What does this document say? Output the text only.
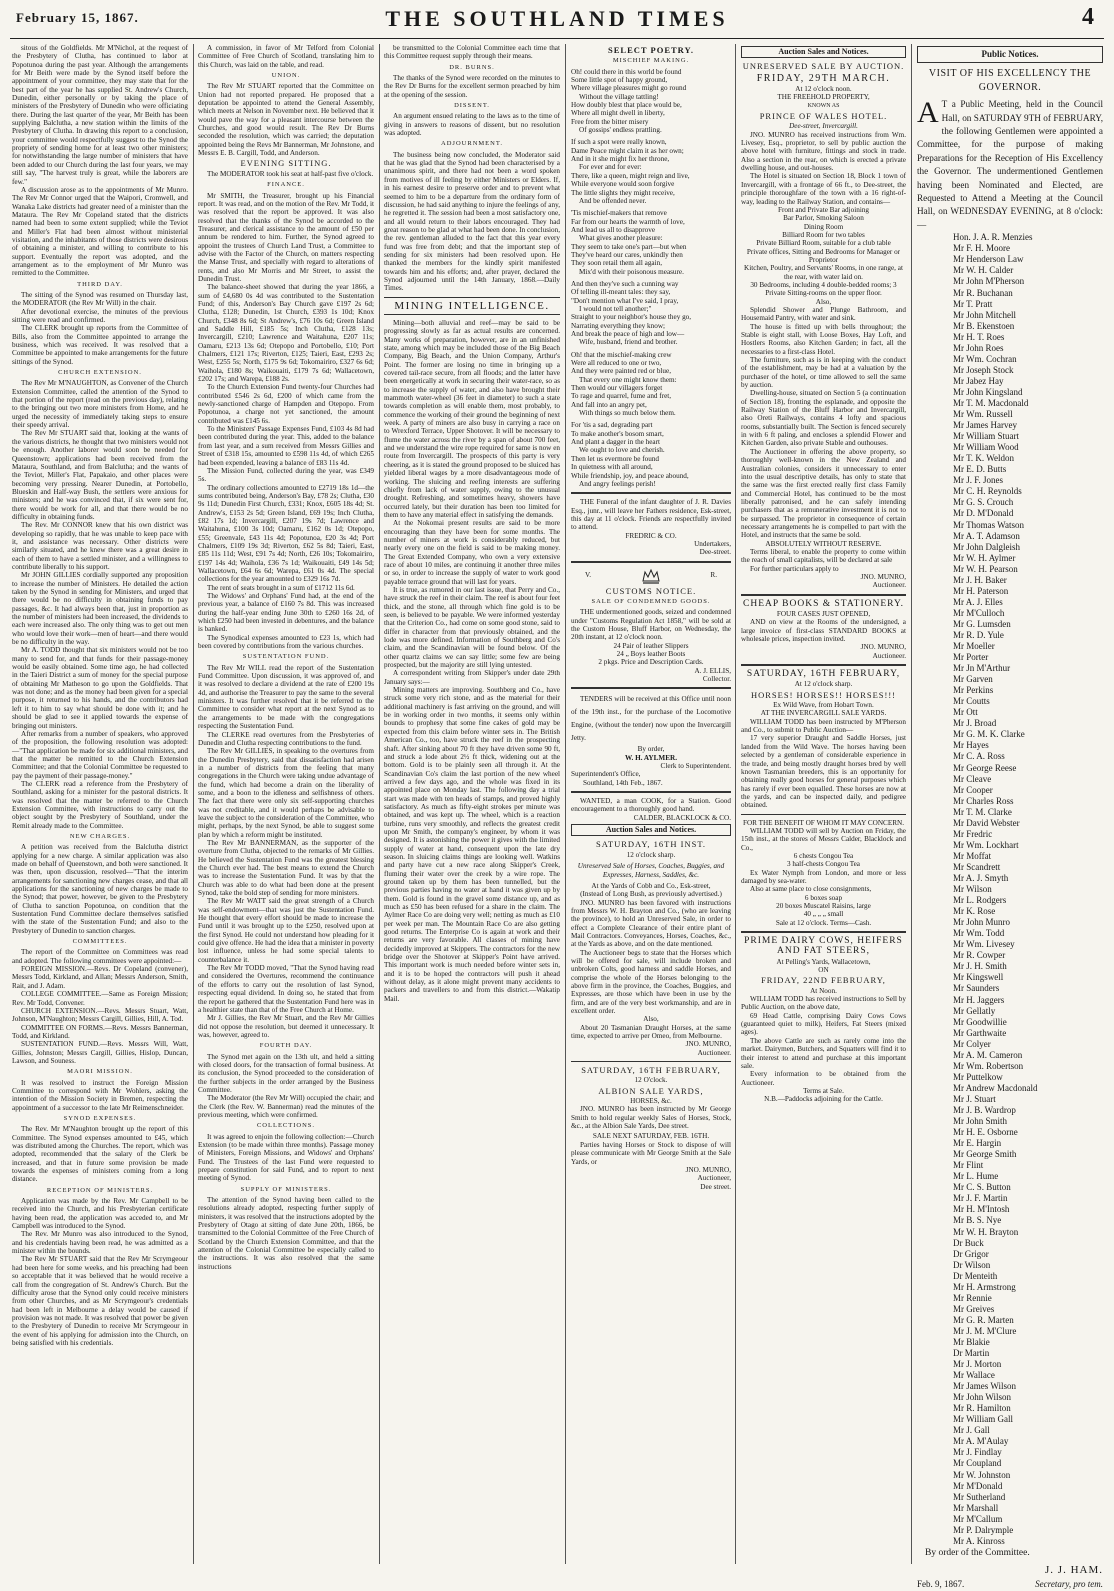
February 15, 1867.	THE SOUTHLAND TIMES	4

sitous of the Goldfields. Mr M'Nichol, at the request of the Presbytery of Clutha, has continued to labor at Popotunoa during the past year. Although the arrangements for Mr Beith were made by the Synod itself before the appointment of your committee, they may state that for the best part of the year he has supplied St. Andrew's Church, Dunedin, either personally or by taking the place of ministers of the Presbytery of Dunedin who were officiating there. During the last quarter of the year, Mr Beith has been supplying Balclutha, a new station within the limits of the Presbytery of Clutha. In drawing this report to a conclusion, your committee would respectfully suggest to the Synod the propriety of sending home for at least two other ministers; for notwithstanding the large number of ministers that have been added to our Church during the last four years, we may still say, "The harvest truly is great, while the laborers are few."

A discussion arose as to the appointments of Mr Munro. The Rev Mr Connor urged that the Waipori, Cromwell, and Wanaka Lake districts had greater need of a minister than the Mataura. The Rev Mr Copeland stated that the districts named had been to some extent supplied; while the Teviot and Miller's Flat had been almost without ministerial visitation, and the inhabitants of those districts were desirous of obtaining a minister, and willing to contribute to his support. Eventually the report was adopted, and the arrangement as to the employment of Mr Munro was remitted to the Committee.

THIRD DAY.

The sitting of the Synod was resumed on Thursday last, the MODERATOR (the Rev Mr Will) in the chair.

After devotional exercise, the minutes of the previous sitting were read and confirmed.

The CLERK brought up reports from the Committee of Bills, also from the Committee appointed to arrange the business, which was received. It was resolved that a Committee be appointed to make arrangements for the future sittings of the Synod.

CHURCH EXTENSION.

The Rev Mr M'NAUGHTON, as Convener of the Church Extension Committee, called the attention of the Synod to that portion of the report (read on the previous day), relating to the bringing out two more ministers from Home, and he urged the necessity of immediately taking steps to ensure their speedy arrival.

The Rev Mr STUART said that, looking at the wants of the various districts, he thought that two ministers would not be enough. Another laborer would soon be needed for Queenstown; applications had been received from the Mataura, Southland, and from Balclutha; and the wants of the Teviot, Miller's Flat, Papakaio, and other places were becoming very pressing. Nearer Dunedin, at Portobello, Blueskin and Half-way Bush, the settlers were anxious for ministers; and he was convinced that, if six were sent for, there would be work for all, and that there would be no difficulty in obtaining funds.

The Rev. Mr CONNOR knew that his own district was developing so rapidly, that he was unable to keep pace with it, and assistance was necessary. Other districts were similarly situated, and he knew there was a great desire in each of them to have a settled minister, and a willingness to contribute liberally to his support.

Mr JOHN GILLIES cordially supported any proposition to increase the number of Ministers. He detailed the action taken by the Synod in sending for Ministers, and urged that there would be no difficulty in obtaining funds to pay passages, &c. It had always been that, just in proportion as the number of ministers had been increased, the dividends to each were increased also. The only thing was to get out men who would love their work—men of heart—and there would be no difficulty in the way.

Mr A. TODD thought that six ministers would not be too many to send for, and that funds for their passage-money would be easily obtained. Some time ago, he had collected in the Taieri District a sum of money for the special purpose of obtaining Mr Matheson to go upon the Goldfields. That was not done; and as the money had been given for a special purpose, it returned to his hands, and the contributors had left it to him to say what should be done with it; and he should be glad to see it applied towards the expense of bringing out ministers.

After remarks from a number of speakers, who approved of the proposition, the following resolution was adopted:—"That application be made for six additional ministers, and that the matter be remitted to the Church Extension Committee; and that the Colonial Committee be requested to pay the payment of their passage-money."

The CLERK read a reference from the Presbytery of Southland, asking for a minister for the pastoral districts. It was resolved that the matter be referred to the Church Extension Committee, with instructions to carry out the object sought by the Presbytery of Southland, under the Remit already made to the Committee.

NEW CHARGES.

A petition was received from the Balclutha district applying for a new charge. A similar application was also made on behalf of Queenstown, and both were sanctioned. It was then, upon discussion, resolved—"That the interim arrangements for sanctioning new charges cease, and that all applications for the sanctioning of new charges be made to the Synod; that power, however, be given to the Presbytery of Clutha to sanction Popotunoa, on condition that the Sustentation Fund Committee declare themselves satisfied with the state of the Sustentation Fund; and also to the Presbytery of Dunedin to sanction charges.

COMMITTEES.

The report of the Committee on Committees was read and adopted. The following committees were appointed:—

FOREIGN MISSION.—Revs. Dr Copeland (convener), Messrs Todd, Kirkland, and Allan; Messrs Anderson, Smith, Rait, and J. Adam.

COLLEGE COMMITTEE.—Same as Foreign Mission; Rev. Mr Todd, Convener.

CHURCH EXTENSION.—Revs. Messrs Stuart, Watt, Johnson, M'Naughton; Messrs Cargill, Gillies, Hill, A. Tod.

COMMITTEE ON FORMS.—Revs. Messrs Bannerman, Todd, and Kirkland.

SUSTENTATION FUND.—Revs. Messrs Will, Watt, Gillies, Johnston; Messrs Cargill, Gillies, Hislop, Duncan, Lawson, and Souness.

MAORI MISSION.

It was resolved to instruct the Foreign Mission Committee to correspond with Mr Wohlers, asking the intention of the Mission Society in Bremen, respecting the appointment of a successor to the late Mr Reimenschneider.

SYNOD EXPENSES.

The Rev. Mr M'Naughton brought up the report of this Committee. The Synod expenses amounted to £45, which was distributed among the Churches. The report, which was adopted, recommended that the salary of the Clerk be increased, and that in future some provision be made towards the expenses of ministers coming from a long distance.

RECEPTION OF MINISTERS.

Application was made by the Rev. Mr Campbell to be received into the Church, and his Presbyterian certificate having been read, the application was acceded to, and Mr Campbell was introduced to the Synod.

The Rev. Mr Munro was also introduced to the Synod, and his credentials having been read, he was admitted as a minister within the bounds.

The Rev Mr STUART said that the Rev Mr Scrymgeour had been here for some weeks, and his preaching had been so acceptable that it was believed that he would receive a call from the congregation of St. Andrew's Church. But the difficulty arose that the Synod only could receive ministers from other Churches, and as Mr Scrymgeour's credentials had been left in Melbourne a delay would be caused if provision was not made. It was resolved that power be given to the Presbytery of Dunedin to receive Mr Scrymgeour in the event of his applying for admission into the Church, on being satisfied with his credentials.

A commission, in favor of Mr Telford from Colonial Committee of Free Church of Scotland, translating him to this Church, was laid on the table, and read.

UNION.

The Rev Mr STUART reported that the Committee on Union had not reported prepared. He proposed that a deputation be appointed to attend the General Assembly, which meets at Nelson in November next. He believed that it would pave the way for a pleasant intercourse between the Churches, and good would result. The Rev Dr Burns seconded the resolution, which was carried; the deputation appointed being the Revs Mr Bannerman, Mr Johnstone, and Messrs E. B. Cargill, Todd, and Anderson.

EVENING SITTING.

The MODERATOR took his seat at half-past five o'clock.

FINANCE.

Mr SMITH, the Treasurer, brought up his Financial report. It was read, and on the motion of the Rev. Mr Todd, it was resolved that the report be approved. It was also resolved that the thanks of the Synod be accorded to the Treasurer, and clerical assistance to the amount of £50 per annum be rendered to him. Further, the Synod agreed to appoint the trustees of Church Land Trust, a Committee to advise with the Factor of the Church, on matters respecting the Manse Trust, and specially with regard to alterations of rents, and also Mr Morris and Mr Street, to assist the Dunedin Trust.

The balance-sheet showed that during the year 1866, a sum of £4,680 0s 4d was contributed to the Sustentation Fund; of this, Anderson's Bay Church gave £197 2s 6d; Clutha, £128; Dunedin, 1st Church, £393 1s 10d; Knox Church, £348 8s 6d; St Andrew's, £76 10s 6d; Green Island and Saddle Hill, £185 5s; Inch Clutha, £128 13s; Invercargill, £210; Lawrence and Waitahuna, £207 11s; Oamaru, £213 13s 6d; Otepopo and Portobello, £10; Port Chalmers, £121 17s; Riverton, £125; Taieri, East, £293 2s; West, £255 5s; North, £175 9s 6d; Tokomairiro, £327 6s 6d; Waihola, £180 8s; Waikouaiti, £179 7s 6d; Wallacetown, £202 17s; and Warepa, £188 2s.

To the Church Extension Fund twenty-four Churches had contributed £546 2s 6d, £200 of which came from the newly-sanctioned charge of Hampden and Otepopo. From Popotunoa, a charge not yet sanctioned, the amount contributed was £145 6s.

To the Ministers' Passage Expenses Fund, £103 4s 8d had been contributed during the year. This, added to the balance from last year, and a sum received from Messrs Gillies and Street of £318 15s, amounted to £598 11s 4d, of which £265 had been expended, leaving a balance of £83 11s 4d.

The Mission Fund, collected during the year, was £349 5s.

The ordinary collections amounted to £2719 18s 1d—the sums contributed being, Anderson's Bay, £78 2s; Clutha, £30 9s 11d; Dunedin First Church, £331; Knox, £605 18s 4d; St. Andrew's, £153 2s 5d; Green Island, £69 19s; Inch Clutha, £82 17s 1d; Invercargill, £207 19s 7d; Lawrence and Waitahuna, £100 3s 10d; Oamaru, £162 0s 1d; Otepopo, £55; Greenvale, £43 11s 4d; Popotunoa, £20 3s 4d; Port Chalmers, £109 19s 3d; Riverton, £62 5s 8d; Taieri, East, £85 11s 11d; West, £91 7s 4d; North, £26 10s; Tokomairiro, £197 14s 4d; Waihola, £36 7s 1d; Waikouaiti, £49 14s 5d; Wallacetown, £64 6s 6d; Warepa, £61 0s 4d. The special collections for the year amounted to £329 16s 7d.

The rent of seats brought in a sum of £1712 11s 6d.

The Widows' and Orphans' Fund had, at the end of the previous year, a balance of £160 7s 8d. This was increased during the half-year ending June 30th to £260 16s 2d, of which £250 had been invested in debentures, and the balance is banked.

The Synodical expenses amounted to £23 1s, which had been covered by contributions from the various churches.

SUSTENTATION FUND.

The Rev Mr WILL read the report of the Sustentation Fund Committee. Upon discussion, it was approved of, and it was resolved to declare a dividend at the rate of £200 19s 4d, and authorise the Treasurer to pay the same to the several ministers. It was further resolved that it be referred to the Committee to consider what report at the next Synod as to the arrangements to be made with the congregations respecting the Sustentation Fund.

The CLERKE read overtures from the Presbyteries of Dunedin and Clutha respecting contributions to the fund.

The Rev Mr GILLIES, in speaking to the overtures from the Dunedin Presbytery, said that dissatisfaction had arisen in a number of districts from the feeling that many congregations in the Church were taking undue advantage of the fund, which had become a drain on the liberality of some, and a boon to the idleness and selfishness of others. The fact that there were only six self-supporting churches was not creditable, and it would perhaps be advisable to leave the subject to the consideration of the Committee, who might, perhaps, by the next Synod, be able to suggest some plan by which a reform might be instituted.

The Rev Mr BANNERMAN, as the supporter of the overture from Clutha, objected to the remarks of Mr Gillies. He believed the Sustentation Fund was the greatest blessing the Church ever had. The best means to extend the Church was to increase the Sustentation Fund. It was by that the Church was able to do what had been done at the present Synod, take the bold step of sending for more ministers.

The Rev Mr WATT said the great strength of a Church was self-endowment—that was just the Sustentation Fund. He thought that every effort should be made to increase the Fund until it was brought up to the £250, resolved upon at the first Synod. He could not understand how pleading for it could give offence. He had the idea that a minister in poverty lost influence, unless he had some special talents to counterbalance it.

The Rev Mr TODD moved, "That the Synod having read and considered the Overtures, recommend the continuance of the efforts to carry out the resolution of last Synod, respecting equal dividend. In doing so, he stated that from the report he gathered that the Sustentation Fund here was in a healthier state than that of the Free Church at Home.

Mr J. Gillies, the Rev Mr Stuart, and the Rev Mr Gillies did not oppose the resolution, but deemed it unnecessary. It was, however, agreed to.

FOURTH DAY.

The Synod met again on the 13th ult, and held a sitting with closed doors, for the transaction of formal business. At its conclusion, the Synod proceeded to the consideration of the further subjects in the order arranged by the Business Committee.

The Moderator (the Rev Mr Will) occupied the chair; and the Clerk (the Rev. W. Bannerman) read the minutes of the previous meeting, which were confirmed.

COLLECTIONS.

It was agreed to enjoin the following collection:—Church Extension (to be made within three months). Passage money of Ministers, Foreign Missions, and Widows' and Orphans' Fund. The Trustees of the last Fund were requested to prepare constitution for said Fund, and to report to next meeting of Synod.

SUPPLY OF MINISTERS.

The attention of the Synod having been called to the resolutions already adopted, respecting further supply of ministers, it was resolved that the instructions adopted by the Presbytery of Otago at sitting of date June 20th, 1866, be transmitted to the Colonial Committee of the Free Church of Scotland by the Church Extension Committee, and that the attention of the Colonial Committee be especially called to the instructions. It was also resolved that the same instructions

be transmitted to the Colonial Committee each time that this Committee request supply through their means.

DR. BURNS.

The thanks of the Synod were recorded on the minutes to the Rev Dr Burns for the excellent sermon preached by him at the opening of the session.

DISSENT.

An argument ensued relating to the laws as to the time of giving in answers to reasons of dissent, but no resolution was adopted.

ADJOURNMENT.

The business being now concluded, the Moderator said that he was glad that the Synod had been characterised by a unanimous spirit, and there had not been a word spoken from motives of ill feeling by either Ministers or Elders. If, in his earnest desire to preserve order and to prevent what seemed to him to be a departure from the ordinary form of discussion, he had said anything to injure the feelings of any, he regretted it. The session had been a most satisfactory one, and all would return to their labors encouraged. They had great reason to be glad at what had been done. In conclusion, the rev. gentleman alluded to the fact that this year every fund was free from debt; and that the important step of sending for six ministers had been resolved upon. He thanked the members for the kindly spirit manifested towards him and his efforts; and, after prayer, declared the Synod adjourned until the 14th January, 1868.—Daily Times.

MINING INTELLIGENCE.

Mining—both alluvial and reef—may be said to be progressing slowly as far as actual results are concerned. Many works of preparation, however, are in an unfinished state, among which may be included those of the Big Beach Company, Big Beach, and the Union Company, Arthur's Point. The former are losing no time in bringing up a covered tail-race secure, from all floods; and the latter have been energetically at work in securing their water-race, so as to increase the supply of water, and also have brought their mammoth water-wheel (36 feet in diameter) to such a state towards completion as will enable them, most probably, to commence the working of their ground the beginning of next week. A party of miners are also busy in carrying a race on to Wrexford Terrace, Upper Shotover. It will be necessary to flume the water across the river by a span of about 700 feet, and we understand the wire rope required for same is now en route from Invercargill. The prospects of this party is very cheering, as it is stated the ground proposed to be sluiced has yielded liberal wages by a more disadvantageous mode of working. The sluicing and reefing interests are suffering chiefly from lack of water supply, owing to the unusual drought. Refreshing, and sometimes heavy, showers have occurred lately, but their duration has been too limited for them to have any material effect in satisfying the demands.

At the Nokomai present results are said to be more encouraging than they have been for some months. The number of miners at work is considerably reduced, but nearly every one on the field is said to be making money. The Great Extended Company, who own a very extensive race of about 10 miles, are continuing it another three miles or so, in order to increase the supply of water to work good payable terrace ground that will last for years.

It is true, as rumored in our last issue, that Perry and Co., have struck the reef in their claim. The reef is about four feet thick, and the stone, all through which fine gold is to be seen, is believed to be payable. We were informed yesterday that the Criterion Co., had come on some good stone, said to differ in character from that previously obtained, and the lode was more defined. Information of Southberg and Co's claim, and the Scandinavian will be found below. Of the other quartz claims we can say little; some few are being prospected, but the majority are still lying untested.

A correspondent writing from Skipper's under date 29th January says:—

Mining matters are improving. Southberg and Co., have struck some very rich stone, and as the material for their additional machinery is fast arriving on the ground, and will be in working order in two months, it seems only within bounds to prophesy that some fine cakes of gold may be expected from this claim before winter sets in. The British American Co., too, have struck the reef in the prospecting shaft. After sinking about 70 ft they have driven some 90 ft, and struck a lode about 2½ ft thick, widening out at the bottom. Gold is to be plainly seen all through it. At the Scandinavian Co's claim the last portion of the new wheel arrived a few days ago, and the whole was fixed in its appointed place on Monday last. The following day a trial start was made with ten heads of stamps, and proved highly satisfactory. As much as fifty-eight strokes per minute was obtained, and was kept up. The wheel, which is a reaction turbine, runs very smoothly, and reflects the greatest credit upon Mr Smith, the company's engineer, by whom it was designed. It is astonishing the power it gives with the limited supply of water at hand, consequent upon the late dry season. In sluicing claims things are looking well. Watkins and party have cut a new race along Skipper's Creek, fluming their water over the creek by a wire rope. The ground taken up by them has been tunnelled, but the previous parties having no water at hand it was given up by them. Gold is found in the gravel some distance up, and as much as £50 has been refused for a share in the claim. The Aylmer Race Co are doing very well; netting as much as £10 per week per man. The Mountain Race Co are also getting good returns. The Enterprise Co is again at work and their returns are very favorable. All classes of mining have decidedly improved at Skippers. The contractors for the new bridge over the Shotover at Skipper's Point have arrived. This important work is much needed before winter sets in, and it is to be hoped the contractors will push it ahead without delay, as it alone might prevent many accidents to packers and travellers to and from this district.—Wakatip Mail.

SELECT POETRY.
MISCHIEF MAKING.
Oh! could there in this world be found
Some little spot of happy ground,
Where village pleasures might go round
Without the village tattling!
How doubly blest that place would be,
Where all might dwell in liberty,
Free from the bitter misery
Of gossips' endless prattling.
If such a spot were really known,
Dame Peace might claim it as her own;
And in it she might fix her throne,
For ever and for ever:
There, like a queen, might reign and live,
While everyone would soon forgive
The little slights they might receive,
And be offended never.
'Tis mischief-makers that remove
Far from our hearts the warmth of love,
And lead us all to disapprove
What gives another pleasure:
They seem to take one's part—but when
They've heard our cares, unkindly then
They soon retail them all again,
Mix'd with their poisonous measure.
And then they've such a cunning way
Of telling ill-meant tales: they say,
"Don't mention what I've said, I pray,
I would not tell another;"
Straight to your neighbor's house they go,
Narrating everything they know;
And break the peace of high and low—
Wife, husband, friend and brother.
Oh! that the mischief-making crew
Were all reduced to one or two,
And they were painted red or blue,
That every one might know them:
Then would our villagers forget
To rage and quarrel, fume and fret,
And fall into an angry pet,
With things so much below them.
For 'tis a sad, degrading part
To make another's bosom smart,
And plant a dagger in the heart
We ought to love and cherish.
Then let us evermore be found
In quietness with all around,
While friendship, joy, and peace abound,
And angry feelings perish!

THE Funeral of the infant daughter of J. R. Davies Esq., junr., will leave her Fathers residence, Esk-street, this day at 11 o'clock. Friends are respectfully invited to attend.

FREDRIC & CO.
Undertakers,
Dee-street.
V.	R.
CUSTOMS NOTICE.
SALE OF CONDEMNED GOODS.

THE undermentioned goods, seized and condemned under "Customs Regulation Act 1858," will be sold at the Custom House, Bluff Harbor, on Wednesday, the 20th instant, at 12 o'clock noon.

24 Pair of leather Slippers
24 „ Boys leather Boots
2 pkgs. Price and Description Cards.
A. J. ELLIS,
Collector.

TENDERS will be received at this Office until noon of the 19th inst., for the purchase of the Locomotive Engine, (without the tender) now upon the Invercargill Jetty.

By order,
W. H. AYLMER.
Clerk to Superintendent.
Superintendent's Office,
Southland, 14th Feb., 1867.

WANTED, a man COOK, for a Station. Good encouragement to a thoroughly good hand.

CALDER, BLACKLOCK & CO.
Auction Sales and Notices.
SATURDAY, 16TH INST.
12 o'clock sharp.
Unreserved Sale of Horses, Coaches, Buggies, and Expresses, Harness, Saddles, &c.
At the Yards of Cobb and Co., Esk-street,
(Instead of Long Bush, as previously advertised.)

JNO. MUNRO has been favored with instructions from Messrs W. H. Brayton and Co., (who are leaving the province), to hold an Unreserved Sale, in order to effect a Complete Clearance of their entire plant of Mail Contractors. Conveyances, Horses, Coaches, &c., at the Yards as above, and on the date mentioned.

The Auctioneer begs to state that the Horses which will be offered for sale, will include broken and unbroken Colts, good harness and saddle Horses, and comprise the whole of the Horses belonging to the above firm in the province, the Coaches, Buggies, and Expresses, are those which have been in use by the firm, and are of the very best workmanship, and are in excellent order.

Also,

About 20 Tasmanian Draught Horses, at the same time, expected to arrive per Omeo, from Melbourne.

JNO. MUNRO,
Auctioneer.
SATURDAY, 16TH FEBRUARY,
12 O'clock.
ALBION SALE YARDS,
HORSES, &c.

JNO. MUNRO has been instructed by Mr George Smith to hold regular weekly Sales of Horses, Stock, &c., at the Albion Sale Yards, Dee street.

SALE NEXT SATURDAY, FEB. 16TH.

Parties having Horses or Stock to dispose of will please communicate with Mr George Smith at the Sale Yards, or

JNO. MUNRO,
Auctioneer,
Dee street.
Auction Sales and Notices.
UNRESERVED SALE BY AUCTION.
FRIDAY, 29TH MARCH.
At 12 o'clock noon.
THE FREEHOLD PROPERTY,
KNOWN AS
PRINCE OF WALES HOTEL.
Dee-street, Invercargill.

JNO. MUNRO has received instructions from Wm. Livesey, Esq., proprietor, to sell by public auction the above hotel with furniture, fittings and stock in trade. Also a section in the rear, on which is erected a private dwelling house, and out-houses.

The Hotel is situated on Section 18, Block 1 town of Invercargill, with a frontage of 66 ft., to Dee-street, the principle thoroughfare of the town with a 16 right-of-way, leading to the Railway Station, and contains—

Front and Private Bar adjoining
Bar Parlor, Smoking Saloon
Dining Room
Billiard Room for two tables
Private Billiard Room, suitable for a club table
Private offices, Sitting and Bedrooms for Manager or Proprietor
Kitchen, Poultry, and Servants' Rooms, in one range, at the rear, with water laid on.
30 Bedrooms, including 4 double-bedded rooms; 3 Private Sitting-rooms on the upper floor.
Also,

Splendid Shower and Plunge Bathroom, and Housemaid Pantry, with water and sink.

The house is fitted up with bells throughout; the Stable is eight stall, with Loose Boxes, Hay Loft, and Hostlers Rooms, also Kitchen Garden; in fact, all the necessaries to a first-class Hotel.

The furniture, such as is in keeping with the conduct of the establishment, may be had at a valuation by the purchaser of the hotel, or time allowed to sell the same by auction.

Dwelling-house, situated on Section 5 (a continuation of Section 18), fronting the esplanade, and opposite the Railway Station of the Bluff Harbor and Invercargill, also Oreti Railways, contains 4 lofty and spacious rooms, substantially built. The Section is fenced securely in with 6 ft paling, and encloses a splendid Flower and Kitchen Garden, also private Stable and outhouses.

The Auctioneer in offering the above property, so thoroughly well-known in the New Zealand and Australian colonies, considers it unnecessary to enter into the usual descriptive details, has only to state that the same was the first erected really first class Family and Commercial Hotel, has continued to be the most liberally patronised, and he can safely intending purchasers that as a remunerative investment it is not to be surpassed. The proprietor in consequence of certain necessary arrangements he is compelled to part with the Hotel, and instructs that the same be sold.

ABSOLUTELY WITHOUT RESERVE.

Terms liberal, to enable the property to come within the reach of small capitalists, will be declared at sale

For further particulars apply to

JNO. MUNRO,
Auctioneer.
CHEAP BOOKS & STATIONERY.
FOUR CASES JUST OPENED,

AND on view at the Rooms of the undersigned, a large invoice of first-class STANDARD BOOKS at wholesale prices, inspection invited.

JNO. MUNRO,
Auctioneer.
SATURDAY, 16TH FEBRUARY,
At 12 o'clock sharp.
HORSES! HORSES!! HORSES!!!
Ex Wild Wave, from Hobart Town.
AT THE INVERCARGILL SALE YARDS.

WILLIAM TODD has been instructed by M'Pherson and Co., to submit to Public Auction—

17 very superior Draught and Saddle Horses, just landed from the Wild Wave. The horses having been selected by a gentleman of considerable experience in the trade, and being mostly draught horses bred by well known Tasmanian breeders, this is an opportunity for obtaining really good horses for general purposes which has rarely if ever been equalled. These horses are now at the yards, and can be inspected daily, and pedigree obtained.

FOR THE BENEFIT OF WHOM IT MAY CONCERN.

WILLIAM TODD will sell by Auction on Friday, the 15th inst., at the stores of Messrs Calder, Blacklock and Co.,

6 chests Congou Tea
3 half-chests Congou Tea

Ex Water Nymph from London, and more or less damaged by sea-water.

Also at same place to close consignments,

6 boxes soap
20 boxes Muscatel Raisins, large
40 „ „ „ small
Sale at 12 o'clock. Terms—Cash.
PRIME DAIRY COWS, HEIFERS
AND FAT STEERS,
At Pelling's Yards, Wallacetown,
ON
FRIDAY, 22ND FEBRUARY,
At Noon.

WILLIAM TODD has received instructions to Sell by Public Auction, on the above date,

69 Head Cattle, comprising Dairy Cows Cows (guaranteed quiet to milk), Heifers, Fat Steers (mixed ages).

The above Cattle are such as rarely come into the market. Dairymen, Butchers, and Squatters will find it to their interest to attend and purchase at this important sale.

Every information to be obtained from the Auctioneer.

Terms at Sale.
N.B.—Paddocks adjoining for the Cattle.
Public Notices.
VISIT OF HIS EXCELLENCY THE
GOVERNOR.
A T a Public Meeting, held in the Council Hall, on SATURDAY 9TH of FEBRUARY, the following Gentlemen were appointed a Committee, for the purpose of making Preparations for the Reception of His Excellency the Governor. The undermentioned Gentlemen having been Nominated and Elected, are Requested to Attend a Meeting at the Council Hall, on WEDNESDAY EVENING, at 8 o'clock:—
Hon. J. A. R. Menzies
Mr F. H. Moore
Mr Henderson Law
Mr W. H. Calder
Mr John M'Pherson
Mr R. Buchanan
Mr T. Pratt
Mr John Mitchell
Mr B. Ekenstoen
Mr H. T. Roes
Mr John Roes
Mr Wm. Cochran
Mr Joseph Stock
Mr Jabez Hay
Mr John Kingsland
Mr T. M. Macdonald
Mr Wm. Russell
Mr James Harvey
Mr William Stuart
Mr William Wood
Mr T. K. Weldon
Mr E. D. Butts
Mr J. F. Jones
Mr C. H. Reynolds
Mr G. S. Crouch
Mr D. M'Donald
Mr Thomas Watson
Mr A. T. Adamson
Mr John Dalgleish
Mr W. H. Aylmer
Mr W. H. Pearson
Mr J. H. Baker
Mr H. Paterson
Mr A. J. Elles
Mr M'Culloch
Mr G. Lumsden
Mr R. D. Yule
Mr Moeller
Mr Porter
Mr Jn M'Arthur
Mr Garven
Mr Perkins
Mr Coutts
Mr Ott
Mr J. Broad
Mr G. M. K. Clarke
Mr Hayes
Mr C. A. Ross
Mr George Reese
Mr Cleave
Mr Cooper
Mr Charles Ross
Mr T. M. Clarke
Mr David Webster
Mr Fredric
Mr Wm. Lockhart
Mr Moffat
Mr Scandrett
Mr A. J. Smyth
Mr Wilson
Mr L. Rodgers
Mr K. Rose
Mr John Munro
Mr Wm. Todd
Mr Wm. Livesey
Mr R. Cowper
Mr J. H. Smith
Mr Kingswell
Mr Saunders
Mr H. Jaggers
Mr Gellatly
Mr Goodwillie
Mr Garthwaite
Mr Colyer
Mr A. M. Cameron
Mr Wm. Robertson
Mr Puttelkow
Mr Andrew Macdonald
Mr J. Stuart
Mr J. B. Wardrop
Mr John Smith
Mr H. E. Osborne
Mr E. Hargin
Mr George Smith
Mr Flint
Mr L. Hume
Mr C. S. Button
Mr J. F. Martin
Mr H. M'Intosh
Mr B. S. Nye
Mr W. H. Brayton
Dr Buck
Dr Grigor
Dr Wilson
Dr Menteith
Mr H. Armstrong
Mr Rennie
Mr Greives
Mr G. R. Marten
Mr J. M. M'Clure
Mr Blakie
Dr Martin
Mr J. Morton
Mr Wallace
Mr James Wilson
Mr John Wilson
Mr R. Hamilton
Mr William Gall
Mr J. Gall
Mr A. M'Aulay
Mr J. Findlay
Mr Coupland
Mr W. Johnston
Mr M'Donald
Mr Sutherland
Mr Marshall
Mr M'Callum
Mr P. Dalrymple
Mr A. Kinross
By order of the Committee.
J. J. HAM.
Feb. 9, 1867.	Secretary, pro tem.
